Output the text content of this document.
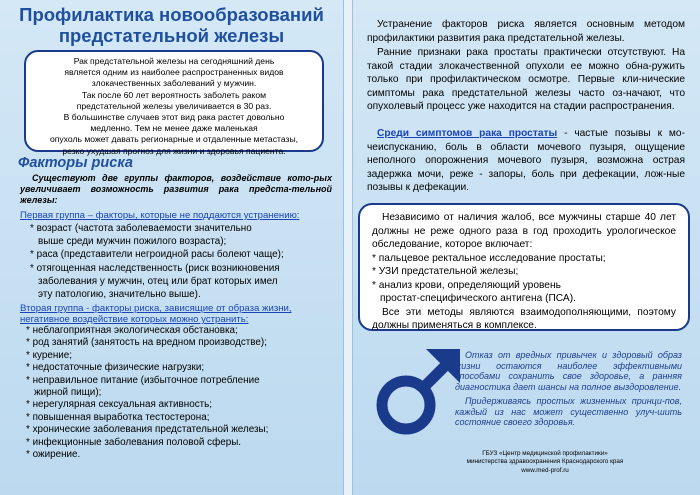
Профилактика новообразований
предстательной железы
Рак предстательной железы на сегодняшний день
является одним из наиболее распространенных видов
злокачественных заболеваний у мужчин.
Так после 60 лет вероятность заболеть раком
предстательной железы увеличивается в 30 раз.
В большинстве случаев этот вид рака растет довольно
медленно. Тем не менее даже маленькая
опухоль может давать регионарные и отдаленные метастазы,
резко ухудшая прогноз для жизни и здоровья пациента.
Факторы риска
Существуют две группы факторов, воздействие кото-рых увеличивает возможность развития рака предста-тельной железы:
Первая группа – факторы, которые не поддаются устранению:
* возраст (частота заболеваемости значительно
выше среди мужчин пожилого возраста);
* раса (представители негроидной расы болеют чаще);
* отягощенная наследственность (риск возникновения
заболевания у мужчин, отец или брат которых имел
эту патологию, значительно выше).
Вторая группа - факторы риска, зависящие от образа жизни, негативное воздействие которых можно устранить:
* неблагоприятная экологическая обстановка;
* род занятий (занятость на вредном производстве);
* курение;
* недостаточные физические нагрузки;
* неправильное питание (избыточное потребление
жирной пищи);
* нерегулярная сексуальная активность;
* повышенная выработка тестостерона;
* хронические заболевания предстательной железы;
* инфекционные заболевания половой сферы.
* ожирение.

Устранение факторов риска является основным методом профилактики развития рака предстательной железы.

Ранние признаки рака простаты практически отсутствуют. На такой стадии злокачественной опухоли ее можно обна-ружить только при профилактическом осмотре. Первые кли-нические симптомы рака предстательной железы часто оз-начают, что опухолевый процесс уже находится на стадии распространения.

Среди симптомов рака простаты - частые позывы к мо-чеиспусканию, боль в области мочевого пузыря, ощущение неполного опорожнения мочевого пузыря, возможна острая задержка мочи, реже - запоры, боль при дефекации, лож-ные позывы к дефекации.

Независимо от наличия жалоб, все мужчины старше 40 лет должны не реже одного раза в год проходить урологическое обследование, которое включает:
* пальцевое ректальное исследование простаты;
* УЗИ предстательной железы;
* анализ крови, определяющий уровень
простат-специфического антигена (ПСА).
Все эти методы являются взаимодополняющими, поэтому должны применяться в комплексе.

Отказ от вредных привычек и здоровый образ жизни остаются наиболее эффективными способами сохранить свое здоровье, а ранняя диагностика дает шансы на полное выздоровление.

Придерживаясь простых жизненных принци-пов, каждый из нас может существенно улуч-шить состояние своего здоровья.

ГБУЗ «Центр медицинской профилактики»
министерства здравоохранения Краснодарского края
www.med-prof.ru
